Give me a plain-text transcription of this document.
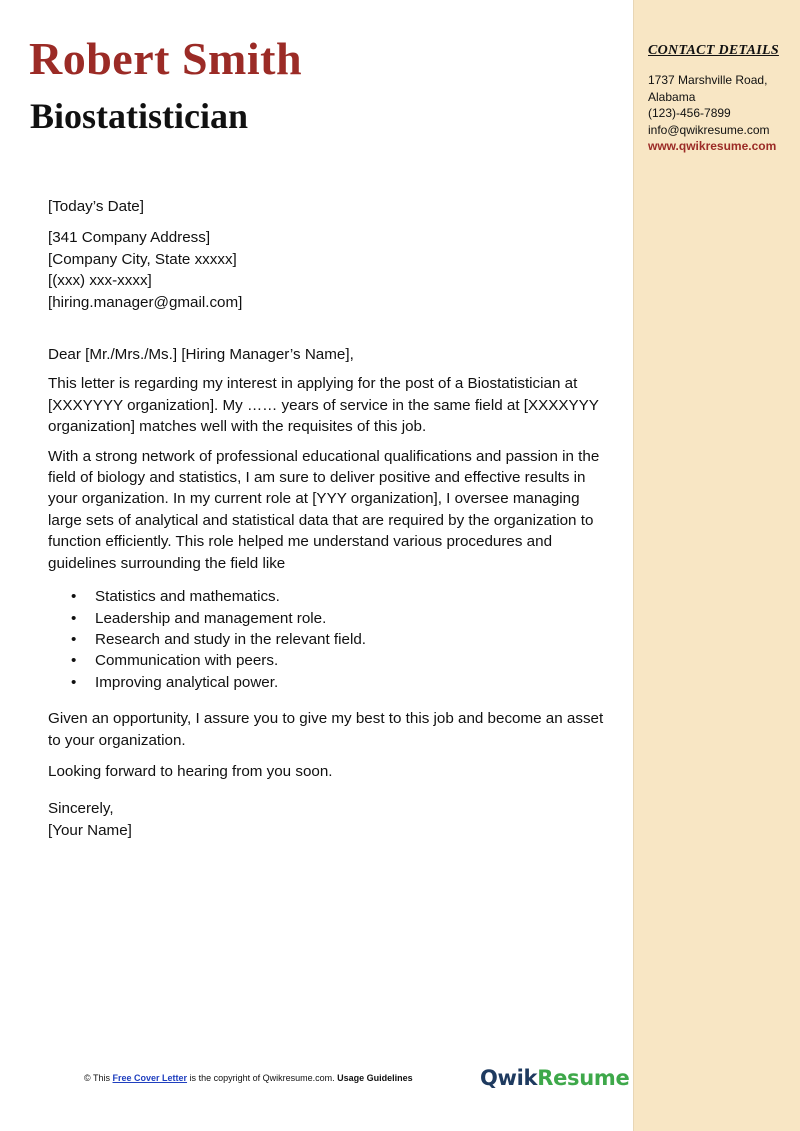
Robert Smith
Biostatistician
CONTACT DETAILS
1737 Marshville Road,
Alabama
(123)-456-7899
info@qwikresume.com
www.qwikresume.com

[Today’s Date]

[341 Company Address]
[Company City, State xxxxx]
[(xxx) xxx-xxxx]
[hiring.manager@gmail.com]

Dear [Mr./Mrs./Ms.] [Hiring Manager’s Name],

This letter is regarding my interest in applying for the post of a Biostatistician at [XXXYYYY organization]. My …… years of service in the same field at [XXXXYYY organization] matches well with the requisites of this job.

With a strong network of professional educational qualifications and passion in the field of biology and statistics, I am sure to deliver positive and effective results in your organization. In my current role at [YYY organization], I oversee managing large sets of analytical and statistical data that are required by the organization to function efficiently. This role helped me understand various procedures and guidelines surrounding the field like

• Statistics and mathematics.
• Leadership and management role.
• Research and study in the relevant field.
• Communication with peers.
• Improving analytical power.

Given an opportunity, I assure you to give my best to this job and become an asset to your organization.

Looking forward to hearing from you soon.

Sincerely,

[Your Name]

© This Free Cover Letter is the copyright of Qwikresume.com. Usage Guidelines	QwikResume
